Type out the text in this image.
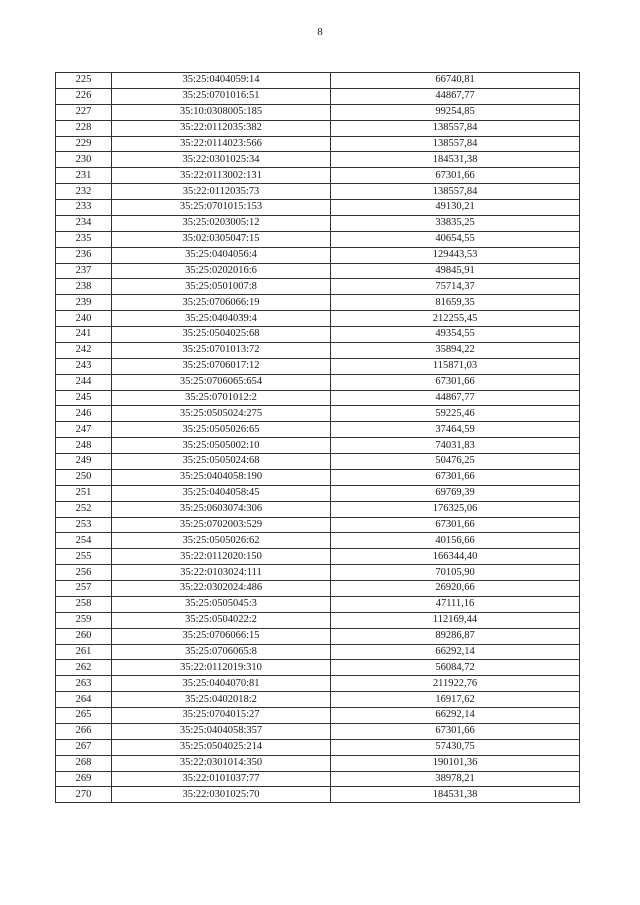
8
225	35:25:0404059:14	66740,81
226	35:25:0701016:51	44867,77
227	35:10:0308005:185	99254,85
228	35:22:0112035:382	138557,84
229	35:22:0114023:566	138557,84
230	35:22:0301025:34	184531,38
231	35:22:0113002:131	67301,66
232	35:22:0112035:73	138557,84
233	35:25:0701015:153	49130,21
234	35:25:0203005:12	33835,25
235	35:02:0305047:15	40654,55
236	35:25:0404056:4	129443,53
237	35:25:0202016:6	49845,91
238	35:25:0501007:8	75714,37
239	35:25:0706066:19	81659,35
240	35:25:0404039:4	212255,45
241	35:25:0504025:68	49354,55
242	35:25:0701013:72	35894,22
243	35:25:0706017:12	115871,03
244	35:25:0706065:654	67301,66
245	35:25:0701012:2	44867,77
246	35:25:0505024:275	59225,46
247	35:25:0505026:65	37464,59
248	35:25:0505002:10	74031,83
249	35:25:0505024:68	50476,25
250	35:25:0404058:190	67301,66
251	35:25:0404058:45	69769,39
252	35:25:0603074:306	176325,06
253	35:25:0702003:529	67301,66
254	35:25:0505026:62	40156,66
255	35:22:0112020:150	166344,40
256	35:22:0103024:111	70105,90
257	35:22:0302024:486	26920,66
258	35:25:0505045:3	47111,16
259	35:25:0504022:2	112169,44
260	35:25:0706066:15	89286,87
261	35:25:0706065:8	66292,14
262	35:22:0112019:310	56084,72
263	35:25:0404070:81	211922,76
264	35:25:0402018:2	16917,62
265	35:25:0704015:27	66292,14
266	35:25:0404058:357	67301,66
267	35:25:0504025:214	57430,75
268	35:22:0301014:350	190101,36
269	35:22:0101037:77	38978,21
270	35:22:0301025:70	184531,38
